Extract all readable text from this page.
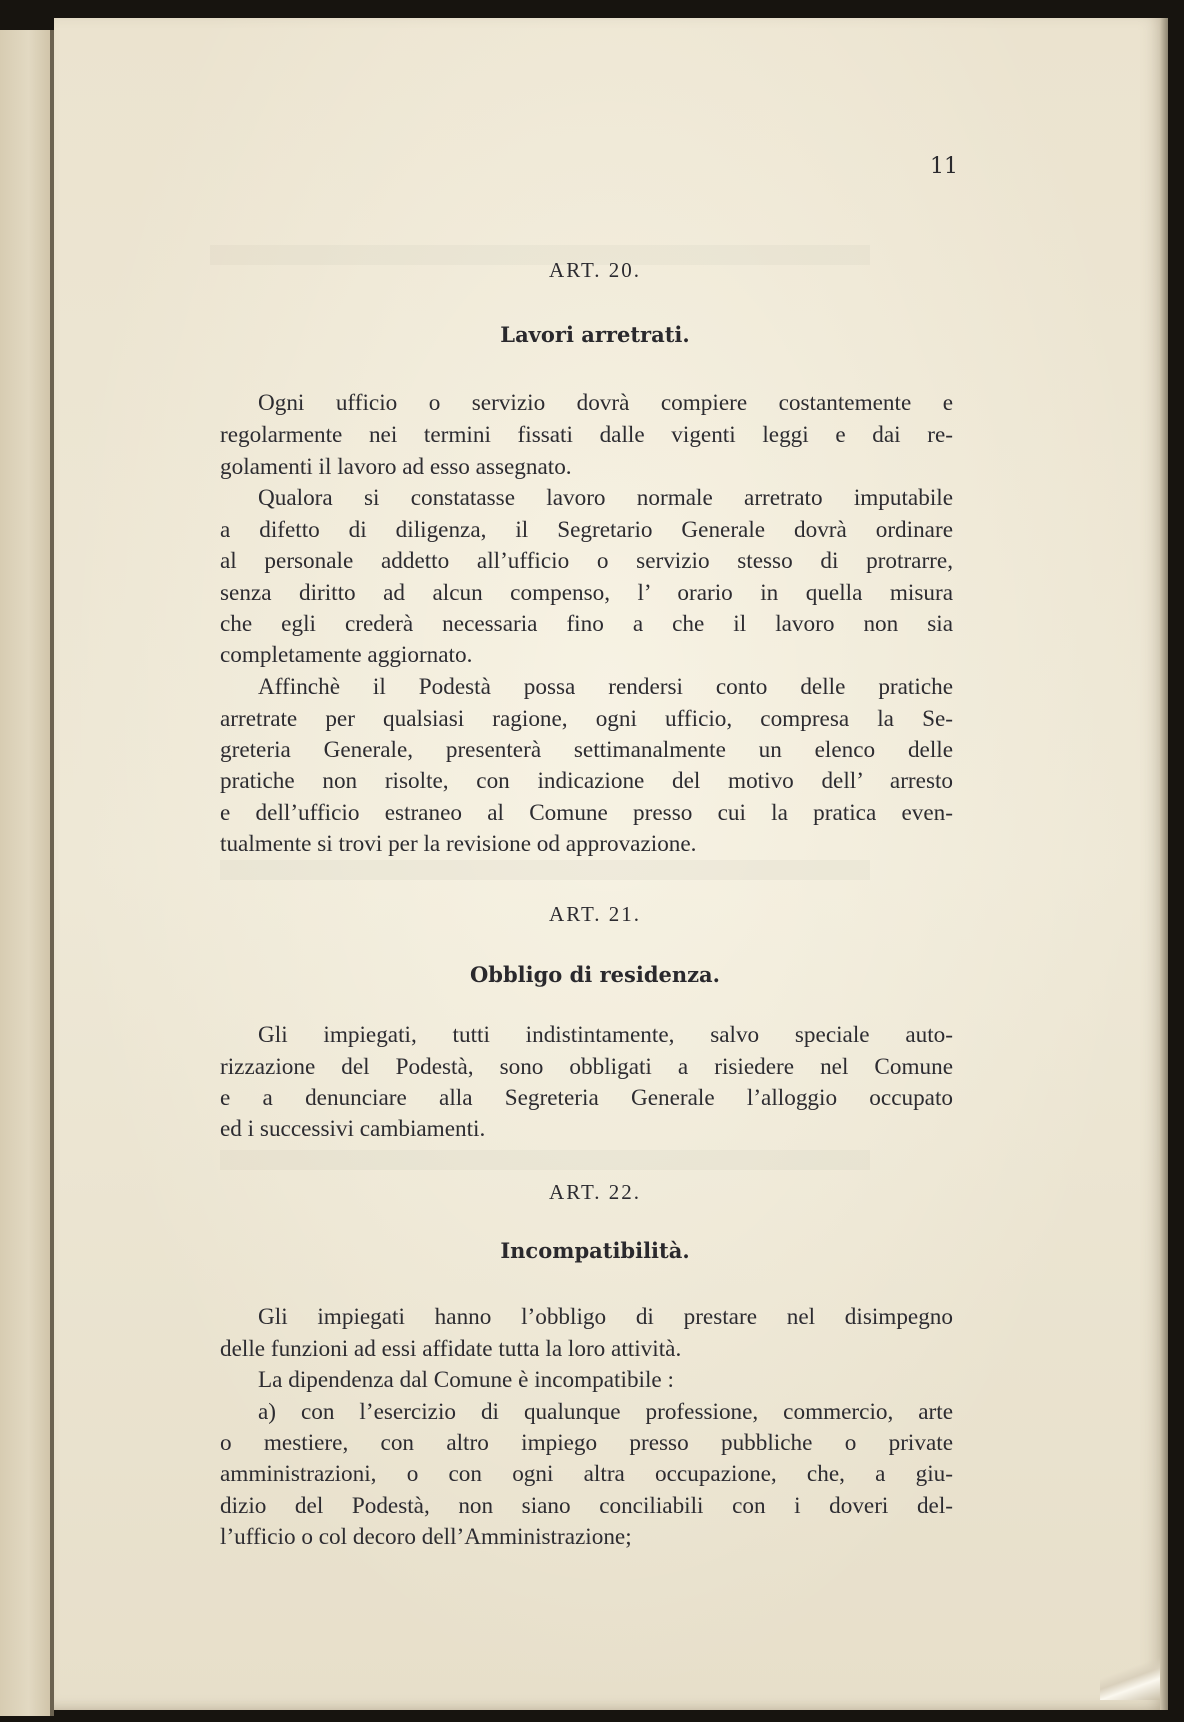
11
ART. 20.
Lavori arretrati.
Ogni ufficio o servizio dovrà compiere costantemente e
regolarmente nei termini fissati dalle vigenti leggi e dai re-
golamenti il lavoro ad esso assegnato.
Qualora si constatasse lavoro normale arretrato imputabile
a difetto di diligenza, il Segretario Generale dovrà ordinare
al personale addetto all’ufficio o servizio stesso di protrarre,
senza diritto ad alcun compenso, l’ orario in quella misura
che egli crederà necessaria fino a che il lavoro non sia
completamente aggiornato.
Affinchè il Podestà possa rendersi conto delle pratiche
arretrate per qualsiasi ragione, ogni ufficio, compresa la Se-
greteria Generale, presenterà settimanalmente un elenco delle
pratiche non risolte, con indicazione del motivo dell’ arresto
e dell’ufficio estraneo al Comune presso cui la pratica even-
tualmente si trovi per la revisione od approvazione.
ART. 21.
Obbligo di residenza.
Gli impiegati, tutti indistintamente, salvo speciale auto-
rizzazione del Podestà, sono obbligati a risiedere nel Comune
e a denunciare alla Segreteria Generale l’alloggio occupato
ed i successivi cambiamenti.
ART. 22.
Incompatibilità.
Gli impiegati hanno l’obbligo di prestare nel disimpegno
delle funzioni ad essi affidate tutta la loro attività.
La dipendenza dal Comune è incompatibile :
a) con l’esercizio di qualunque professione, commercio, arte
o mestiere, con altro impiego presso pubbliche o private
amministrazioni, o con ogni altra occupazione, che, a giu-
dizio del Podestà, non siano conciliabili con i doveri del-
l’ufficio o col decoro dell’Amministrazione;
